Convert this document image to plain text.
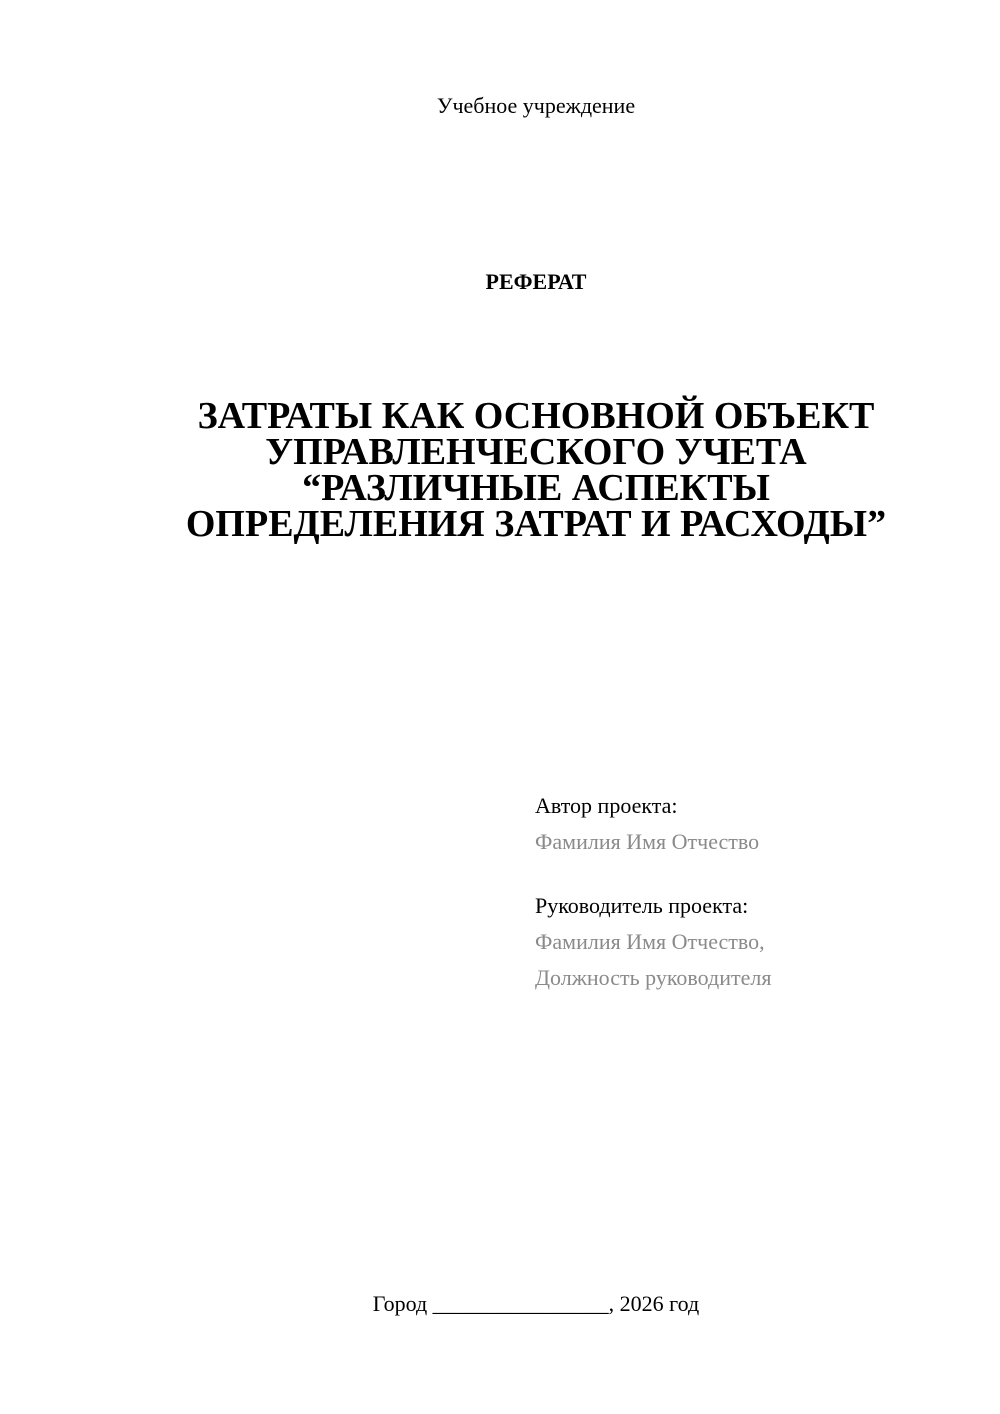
Учебное учреждение
РЕФЕРАТ
ЗАТРАТЫ КАК ОСНОВНОЙ ОБЪЕКТ
УПРАВЛЕНЧЕСКОГО УЧЕТА
“РАЗЛИЧНЫЕ АСПЕКТЫ
ОПРЕДЕЛЕНИЯ ЗАТРАТ И РАСХОДЫ”
Автор проекта:
Фамилия Имя Отчество
Руководитель проекта:
Фамилия Имя Отчество,
Должность руководителя
Город ________________, 2026 год
